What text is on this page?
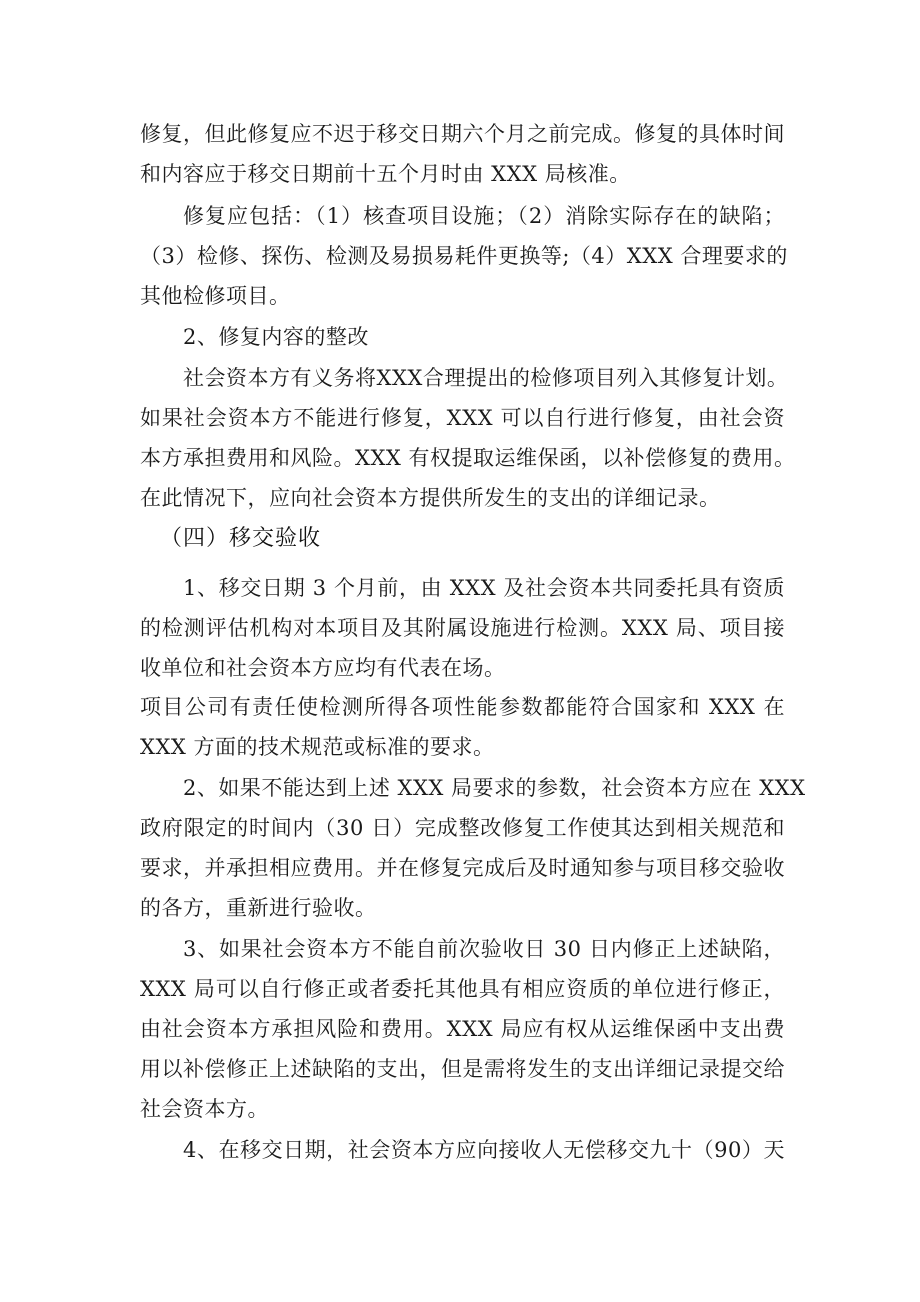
修复，但此修复应不迟于移交日期六个月之前完成。修复的具体时间
和内容应于移交日期前十五个月时由 XXX 局核准。
修复应包括：（1）核查项目设施；（2）消除实际存在的缺陷；
（3）检修、探伤、检测及易损易耗件更换等;（4）XXX 合理要求的
其他检修项目。
2、修复内容的整改
社会资本方有义务将XXX合理提出的检修项目列入其修复计划。
如果社会资本方不能进行修复，XXX 可以自行进行修复，由社会资
本方承担费用和风险。XXX 有权提取运维保函，以补偿修复的费用。
在此情况下，应向社会资本方提供所发生的支出的详细记录。
（四）移交验收
1、移交日期 3 个月前，由 XXX 及社会资本共同委托具有资质
的检测评估机构对本项目及其附属设施进行检测。XXX 局、项目接
收单位和社会资本方应均有代表在场。
项目公司有责任使检测所得各项性能参数都能符合国家和 XXX 在
XXX 方面的技术规范或标准的要求。
2、如果不能达到上述 XXX 局要求的参数，社会资本方应在 XXX
政府限定的时间内（30 日）完成整改修复工作使其达到相关规范和
要求，并承担相应费用。并在修复完成后及时通知参与项目移交验收
的各方，重新进行验收。
3、如果社会资本方不能自前次验收日 30 日内修正上述缺陷，
XXX 局可以自行修正或者委托其他具有相应资质的单位进行修正，
由社会资本方承担风险和费用。XXX 局应有权从运维保函中支出费
用以补偿修正上述缺陷的支出，但是需将发生的支出详细记录提交给
社会资本方。
4、在移交日期，社会资本方应向接收人无偿移交九十（90）天
